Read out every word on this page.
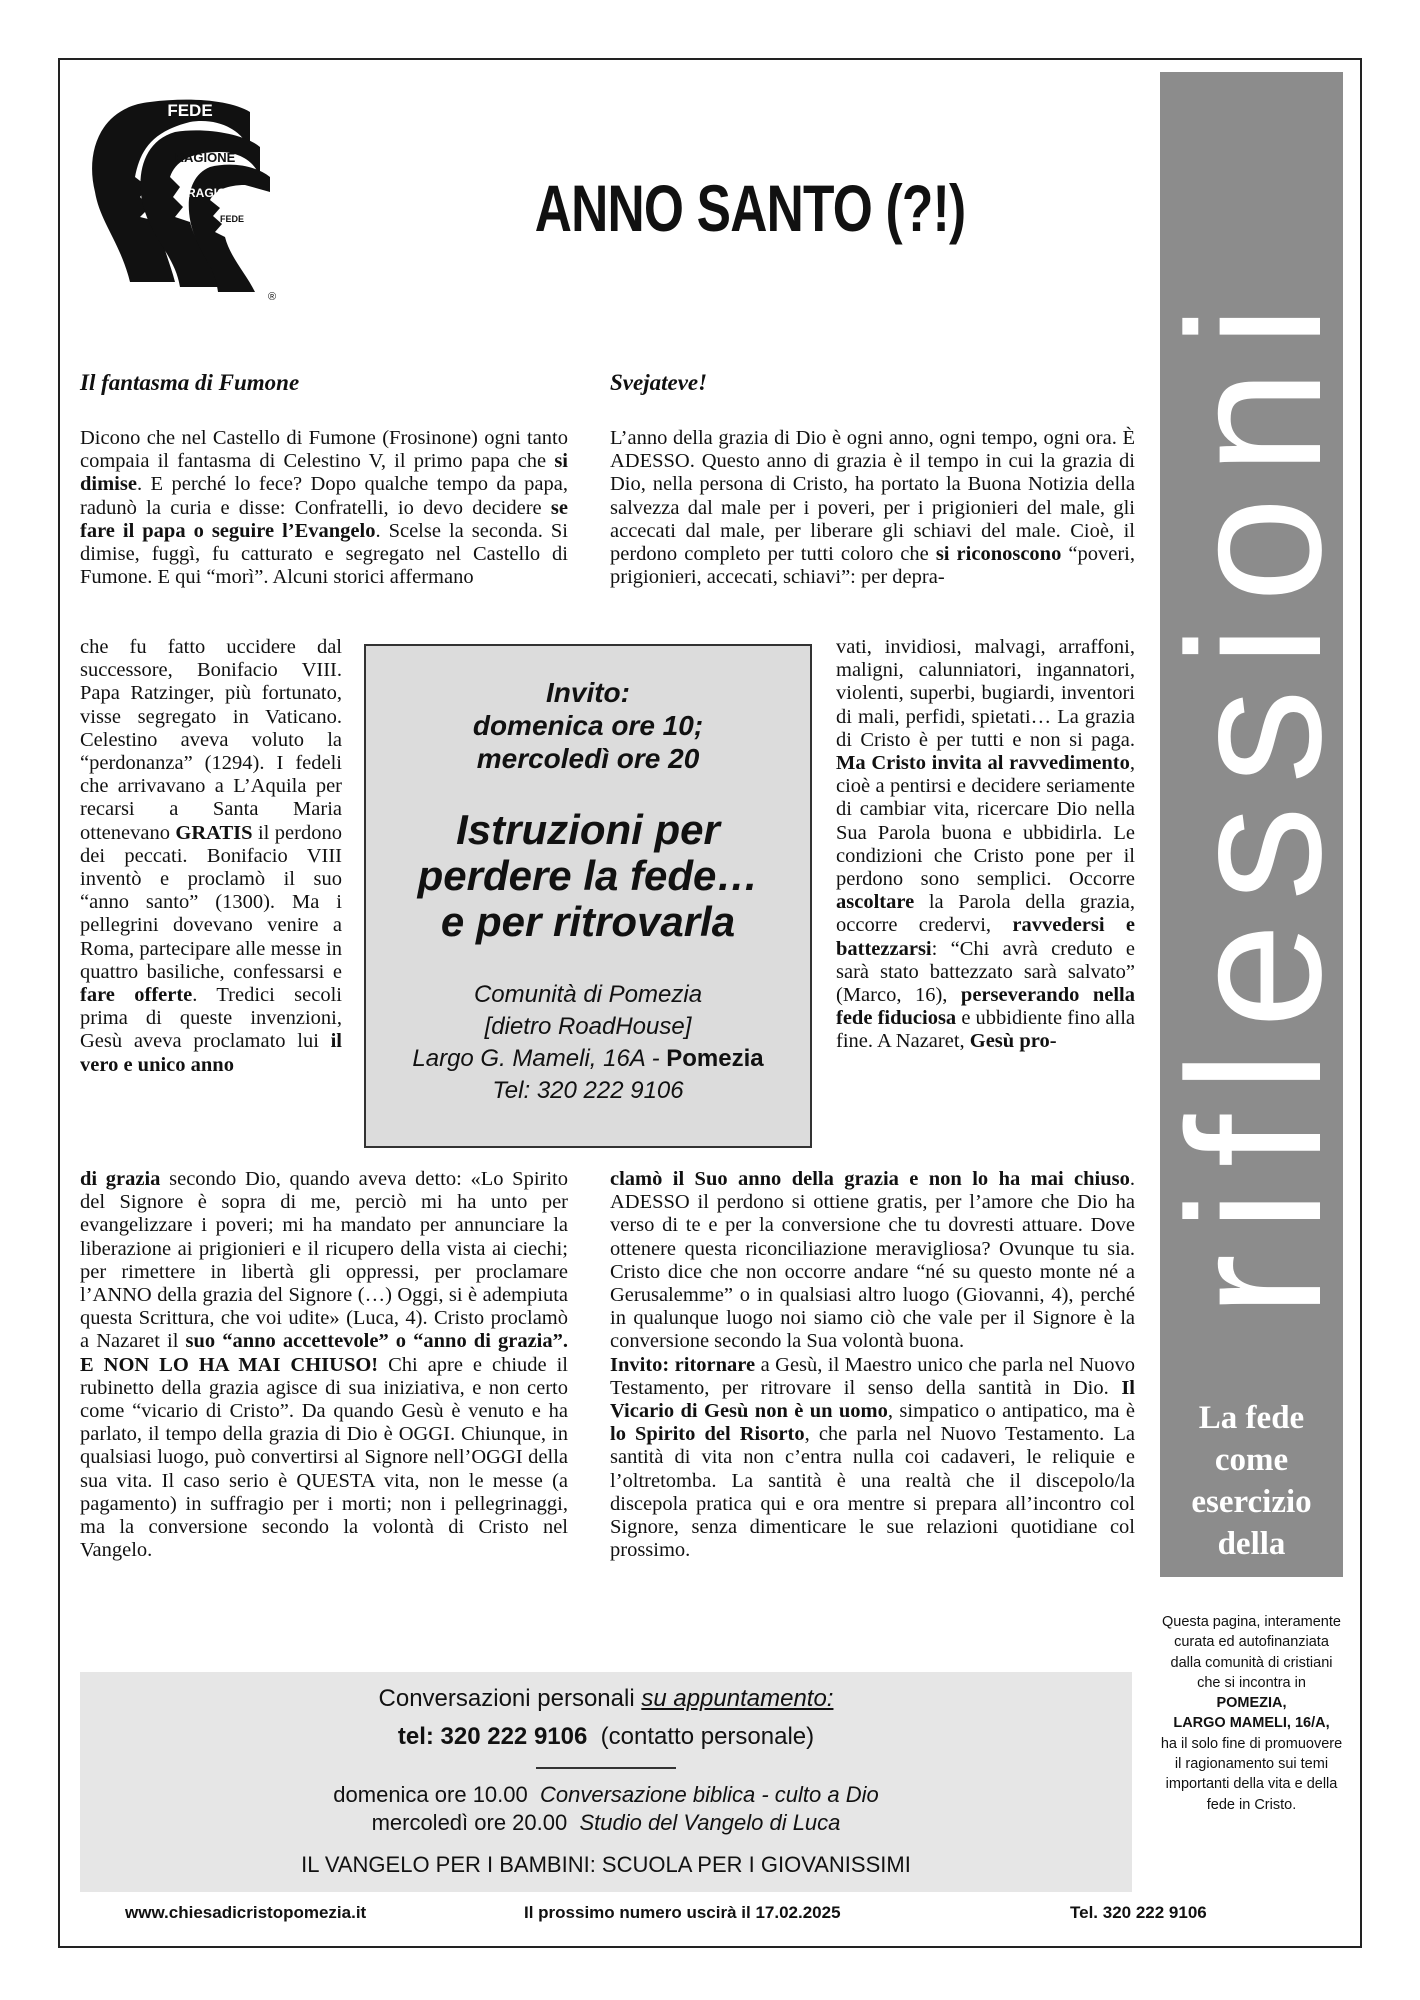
FEDE
RAGIONE
RAGIONE
FEDE
®
ANNO SANTO (?!)
riflessioni
La fede
come
esercizio
della
mente
Questa pagina, interamente curata ed autofinanziata dalla comunità di cristiani che si incontra in
POMEZIA,
LARGO MAMELI, 16/A,
ha il solo fine di promuovere il ragionamento sui temi importanti della vita e della fede in Cristo.
Il fantasma di Fumone
Dicono che nel Castello di Fumone (Frosinone) ogni tanto compaia il fantasma di Celestino V, il primo papa che si dimise. E perché lo fece? Dopo qualche tempo da papa, radunò la curia e disse: Confratelli, io devo decidere se fare il papa o seguire l’Evangelo. Scelse la seconda. Si dimise, fuggì, fu catturato e segregato nel Castello di Fumone. E qui “morì”. Alcuni storici affermano
che fu fatto uccidere dal successore, Bonifacio VIII. Papa Ratzinger, più fortunato, visse segregato in Vaticano. Celestino aveva voluto la “perdonanza” (1294). I fedeli che arrivavano a L’Aquila per recarsi a Santa Maria ottenevano GRATIS il perdono dei peccati. Bonifacio VIII inventò e proclamò il suo “anno santo” (1300). Ma i pellegrini dovevano venire a Roma, partecipare alle messe in quattro basiliche, confessarsi e fare offerte. Tredici secoli prima di queste invenzioni, Gesù aveva proclamato lui il vero e unico anno
di grazia secondo Dio, quando aveva detto: «Lo Spirito del Signore è sopra di me, perciò mi ha unto per evangelizzare i poveri; mi ha mandato per annunciare la liberazione ai prigionieri e il ricupero della vista ai ciechi; per rimettere in libertà gli oppressi, per proclamare l’ANNO della grazia del Signore (…) Oggi, si è adempiuta questa Scrittura, che voi udite» (Luca, 4). Cristo proclamò a Nazaret il suo “anno accettevole” o “anno di grazia”. E NON LO HA MAI CHIUSO! Chi apre e chiude il rubinetto della grazia agisce di sua iniziativa, e non certo come “vicario di Cristo”. Da quando Gesù è venuto e ha parlato, il tempo della grazia di Dio è OGGI. Chiunque, in qualsiasi luogo, può convertirsi al Signore nell’OGGI della sua vita. Il caso serio è QUESTA vita, non le messe (a pagamento) in suffragio per i morti; non i pellegrinaggi, ma la conversione secondo la volontà di Cristo nel Vangelo.
Svejateve!
L’anno della grazia di Dio è ogni anno, ogni tempo, ogni ora. È ADESSO. Questo anno di grazia è il tempo in cui la grazia di Dio, nella persona di Cristo, ha portato la Buona Notizia della salvezza dal male per i poveri, per i prigionieri del male, gli accecati dal male, per liberare gli schiavi del male. Cioè, il perdono completo per tutti coloro che si riconoscono “poveri, prigionieri, accecati, schiavi”: per depra-
vati, invidiosi, malvagi, arraffoni, maligni, calunniatori, ingannatori, violenti, superbi, bugiardi, inventori di mali, perfidi, spietati… La grazia di Cristo è per tutti e non si paga. Ma Cristo invita al ravvedimento, cioè a pentirsi e decidere seriamente di cambiar vita, ricercare Dio nella Sua Parola buona e ubbidirla. Le condizioni che Cristo pone per il perdono sono semplici. Occorre ascoltare la Parola della grazia, occorre credervi, ravvedersi e battezzarsi: “Chi avrà creduto e sarà stato battezzato sarà salvato” (Marco, 16), perseverando nella fede fiduciosa e ubbidiente fino alla fine. A Nazaret, Gesù pro-
clamò il Suo anno della grazia e non lo ha mai chiuso. ADESSO il perdono si ottiene gratis, per l’amore che Dio ha verso di te e per la conversione che tu dovresti attuare. Dove ottenere questa riconciliazione meravigliosa? Ovunque tu sia. Cristo dice che non occorre andare “né su questo monte né a Gerusalemme” o in qualsiasi altro luogo (Giovanni, 4), perché in qualunque luogo noi siamo ciò che vale per il Signore è la conversione secondo la Sua volontà buona.
Invito: ritornare a Gesù, il Maestro unico che parla nel Nuovo Testamento, per ritrovare il senso della santità in Dio. Il Vicario di Gesù non è un uomo, simpatico o antipatico, ma è lo Spirito del Risorto, che parla nel Nuovo Testamento. La santità di vita non c’entra nulla coi cadaveri, le reliquie e l’oltretomba. La santità è una realtà che il discepolo/la discepola pratica qui e ora mentre si prepara all’incontro col Signore, senza dimenticare le sue relazioni quotidiane col prossimo.
Invito:
domenica ore 10;
mercoledì ore 20
Istruzioni per
perdere la fede…
e per ritrovarla
Comunità di Pomezia
[dietro RoadHouse]
Largo G. Mameli, 16A - Pomezia
Tel: 320 222 9106
Conversazioni personali su appuntamento:
tel: 320 222 9106  (contatto personale)
domenica ore 10.00 Conversazione biblica - culto a Dio
mercoledì ore 20.00 Studio del Vangelo di Luca
IL VANGELO PER I BAMBINI: SCUOLA PER I GIOVANISSIMI
www.chiesadicristopomezia.it	Il prossimo numero uscirà il 17.02.2025	Tel. 320 222 9106
